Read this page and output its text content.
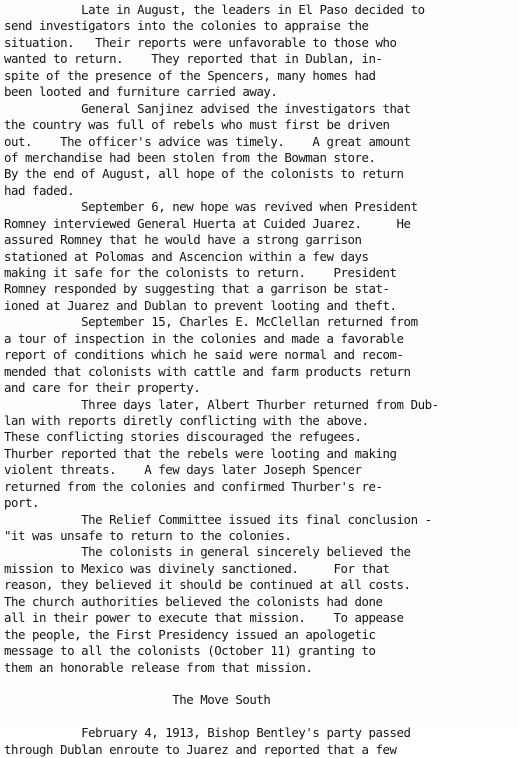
Late in August, the leaders in El Paso decided to
send investigators into the colonies to appraise the
situation.   Their reports were unfavorable to those who
wanted to return.    They reported that in Dublan, in-
spite of the presence of the Spencers, many homes had
been looted and furniture carried away.
General Sanjinez advised the investigators that
the country was full of rebels who must first be driven
out.    The officer's advice was timely.    A great amount
of merchandise had been stolen from the Bowman store.
By the end of August, all hope of the colonists to return
had faded.
September 6, new hope was revived when President
Romney interviewed General Huerta at Cuided Juarez.     He
assured Romney that he would have a strong garrison
stationed at Polomas and Ascencion within a few days
making it safe for the colonists to return.    President
Romney responded by suggesting that a garrison be stat-
ioned at Juarez and Dublan to prevent looting and theft.
September 15, Charles E. McClellan returned from
a tour of inspection in the colonies and made a favorable
report of conditions which he said were normal and recom-
mended that colonists with cattle and farm products return
and care for their property.
Three days later, Albert Thurber returned from Dub-
lan with reports diretly conflicting with the above.
These conflicting stories discouraged the refugees.
Thurber reported that the rebels were looting and making
violent threats.    A few days later Joseph Spencer
returned from the colonies and confirmed Thurber's re-
port.
The Relief Committee issued its final conclusion -
"it was unsafe to return to the colonies.
The colonists in general sincerely believed the
mission to Mexico was divinely sanctioned.     For that
reason, they believed it should be continued at all costs.
The church authorities believed the colonists had done
all in their power to execute that mission.    To appease
the people, the First Presidency issued an apologetic
message to all the colonists (October 11) granting to
them an honorable release from that mission.
The Move South
February 4, 1913, Bishop Bentley's party passed
through Dublan enroute to Juarez and reported that a few
